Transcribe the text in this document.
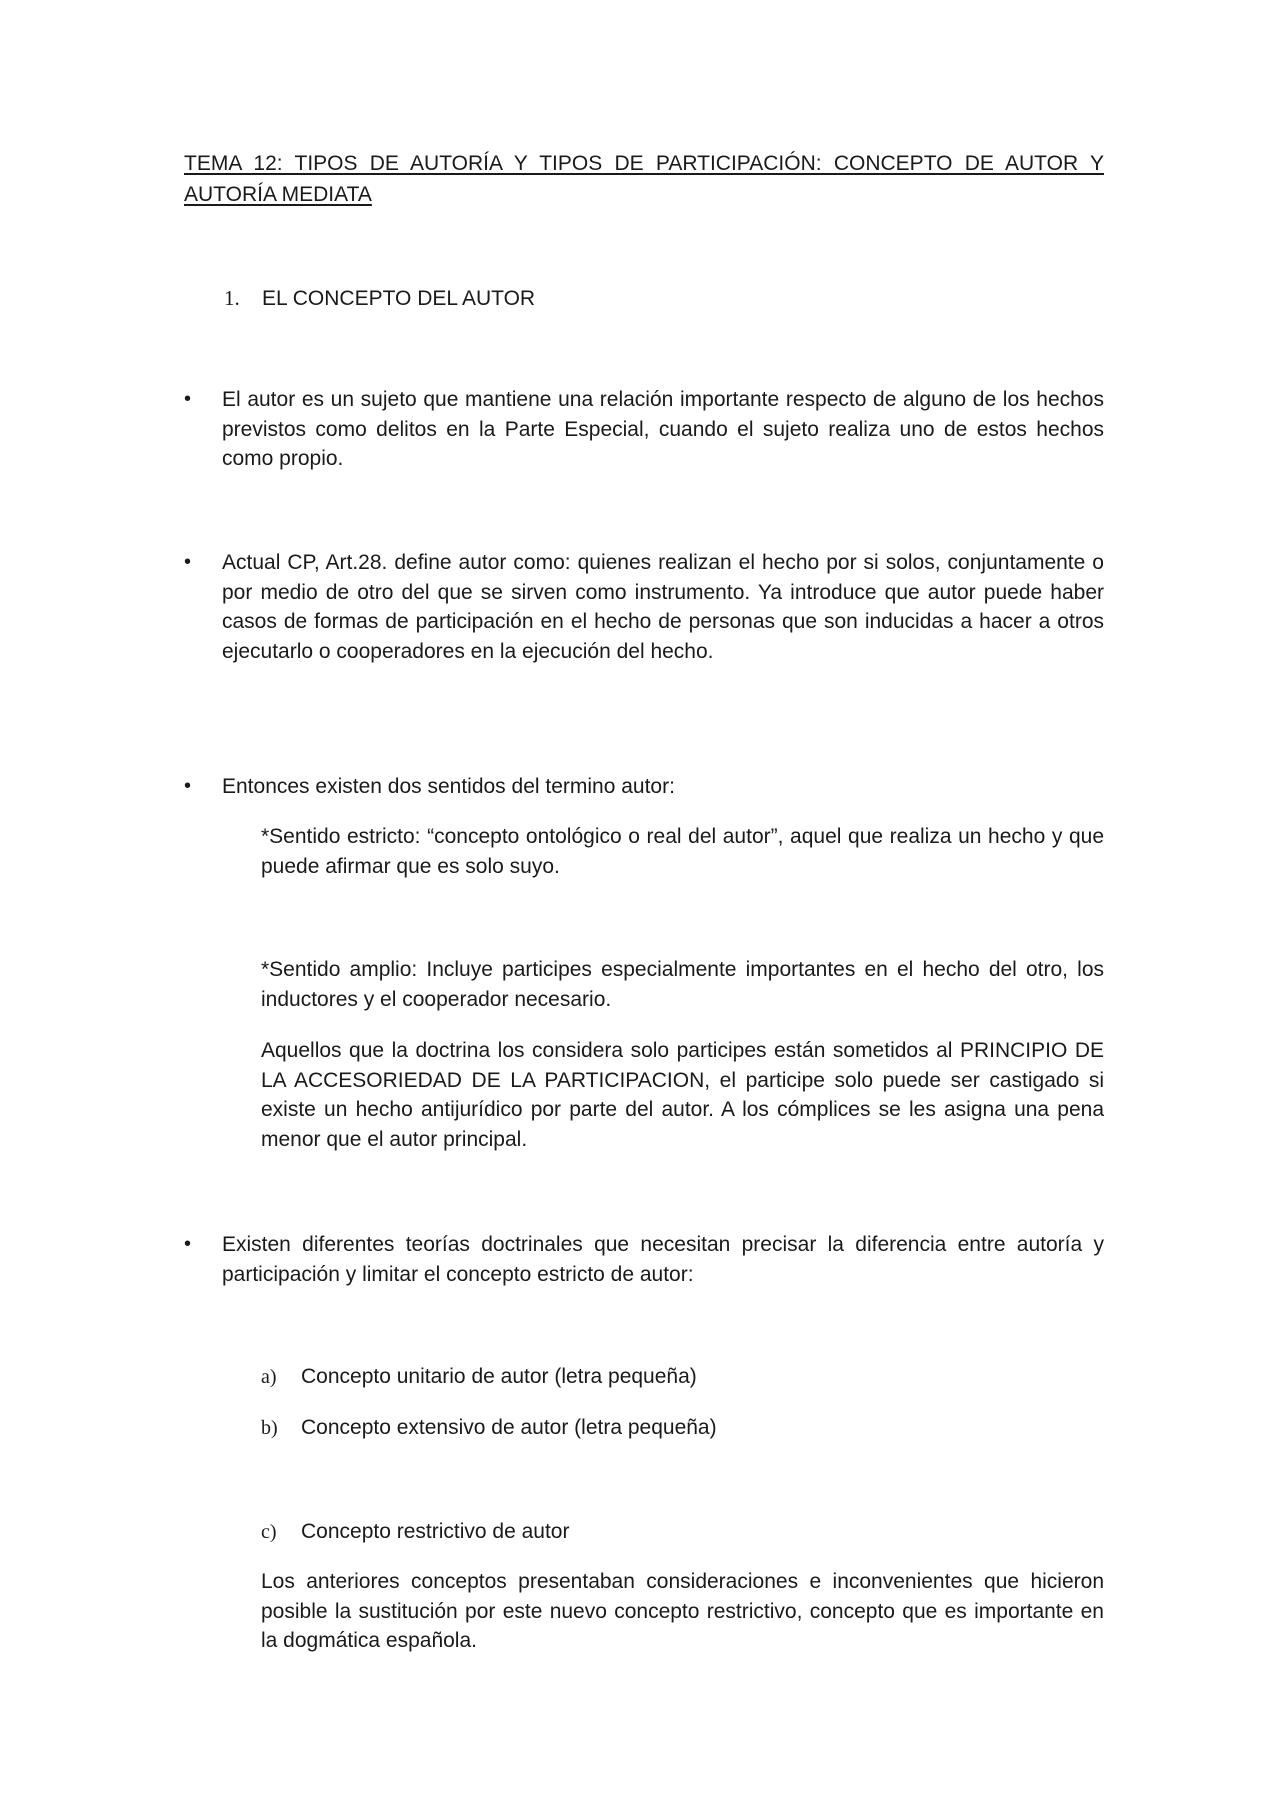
TEMA 12: TIPOS DE AUTORÍA Y TIPOS DE PARTICIPACIÓN: CONCEPTO DE AUTOR Y AUTORÍA MEDIATA
1. EL CONCEPTO DEL AUTOR
•	El autor es un sujeto que mantiene una relación importante respecto de alguno de los hechos previstos como delitos en la Parte Especial, cuando el sujeto realiza uno de estos hechos como propio.
•	Actual CP, Art.28. define autor como: quienes realizan el hecho por si solos, conjuntamente o por medio de otro del que se sirven como instrumento. Ya introduce que autor puede haber casos de formas de participación en el hecho de personas que son inducidas a hacer a otros ejecutarlo o cooperadores en la ejecución del hecho.
•	Entonces existen dos sentidos del termino autor:
*Sentido estricto: “concepto ontológico o real del autor”, aquel que realiza un hecho y que puede afirmar que es solo suyo.
*Sentido amplio: Incluye participes especialmente importantes en el hecho del otro, los inductores y el cooperador necesario.
Aquellos que la doctrina los considera solo participes están sometidos al PRINCIPIO DE LA ACCESORIEDAD DE LA PARTICIPACION, el participe solo puede ser castigado si existe un hecho antijurídico por parte del autor. A los cómplices se les asigna una pena menor que el autor principal.
•	Existen diferentes teorías doctrinales que necesitan precisar la diferencia entre autoría y participación y limitar el concepto estricto de autor:
a) Concepto unitario de autor (letra pequeña)
b) Concepto extensivo de autor (letra pequeña)
c) Concepto restrictivo de autor
Los anteriores conceptos presentaban consideraciones e inconvenientes que hicieron posible la sustitución por este nuevo concepto restrictivo, concepto que es importante en la dogmática española.
